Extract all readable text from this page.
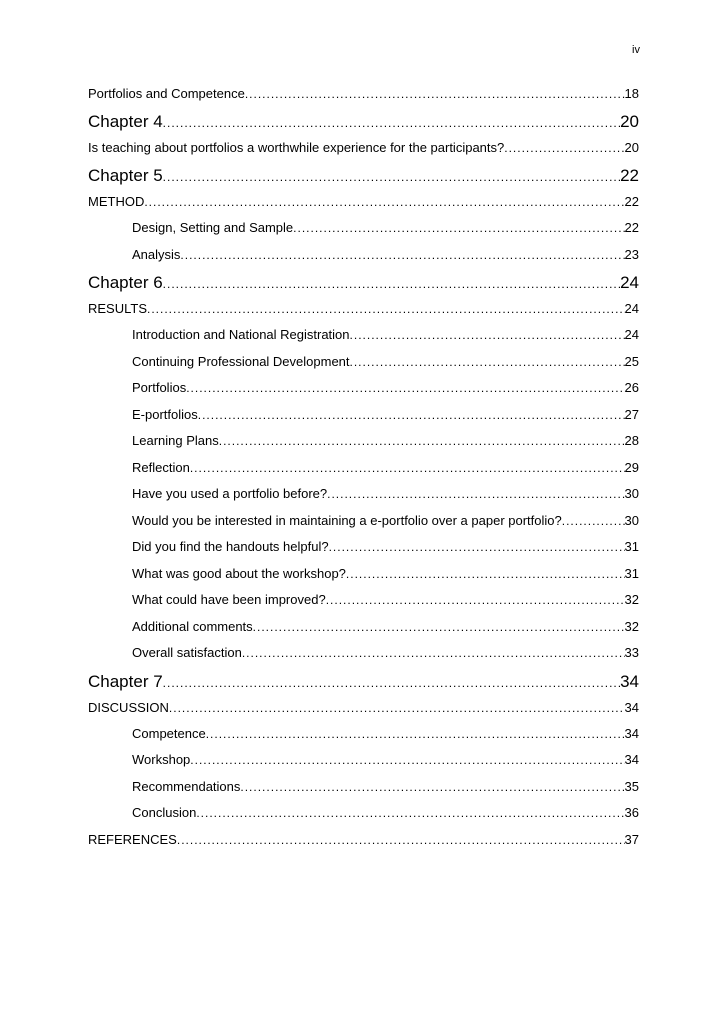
iv
Portfolios and Competence .....	18
Chapter 4 .....	20
Is teaching about portfolios a worthwhile experience for the participants? .....	20
Chapter 5 .....	22
METHOD .....	22
Design, Setting and Sample .....	22
Analysis .....	23
Chapter 6 .....	24
RESULTS .....	24
Introduction and National Registration .....	24
Continuing Professional Development .....	25
Portfolios .....	26
E-portfolios .....	27
Learning Plans .....	28
Reflection .....	29
Have you used a portfolio before? .....	30
Would you be interested in maintaining a e-portfolio over a paper portfolio? .....	30
Did you find the handouts helpful? .....	31
What was good about the workshop? .....	31
What could have been improved? .....	32
Additional comments .....	32
Overall satisfaction .....	33
Chapter 7 .....	34
DISCUSSION .....	34
Competence .....	34
Workshop .....	34
Recommendations .....	35
Conclusion .....	36
REFERENCES .....	37
